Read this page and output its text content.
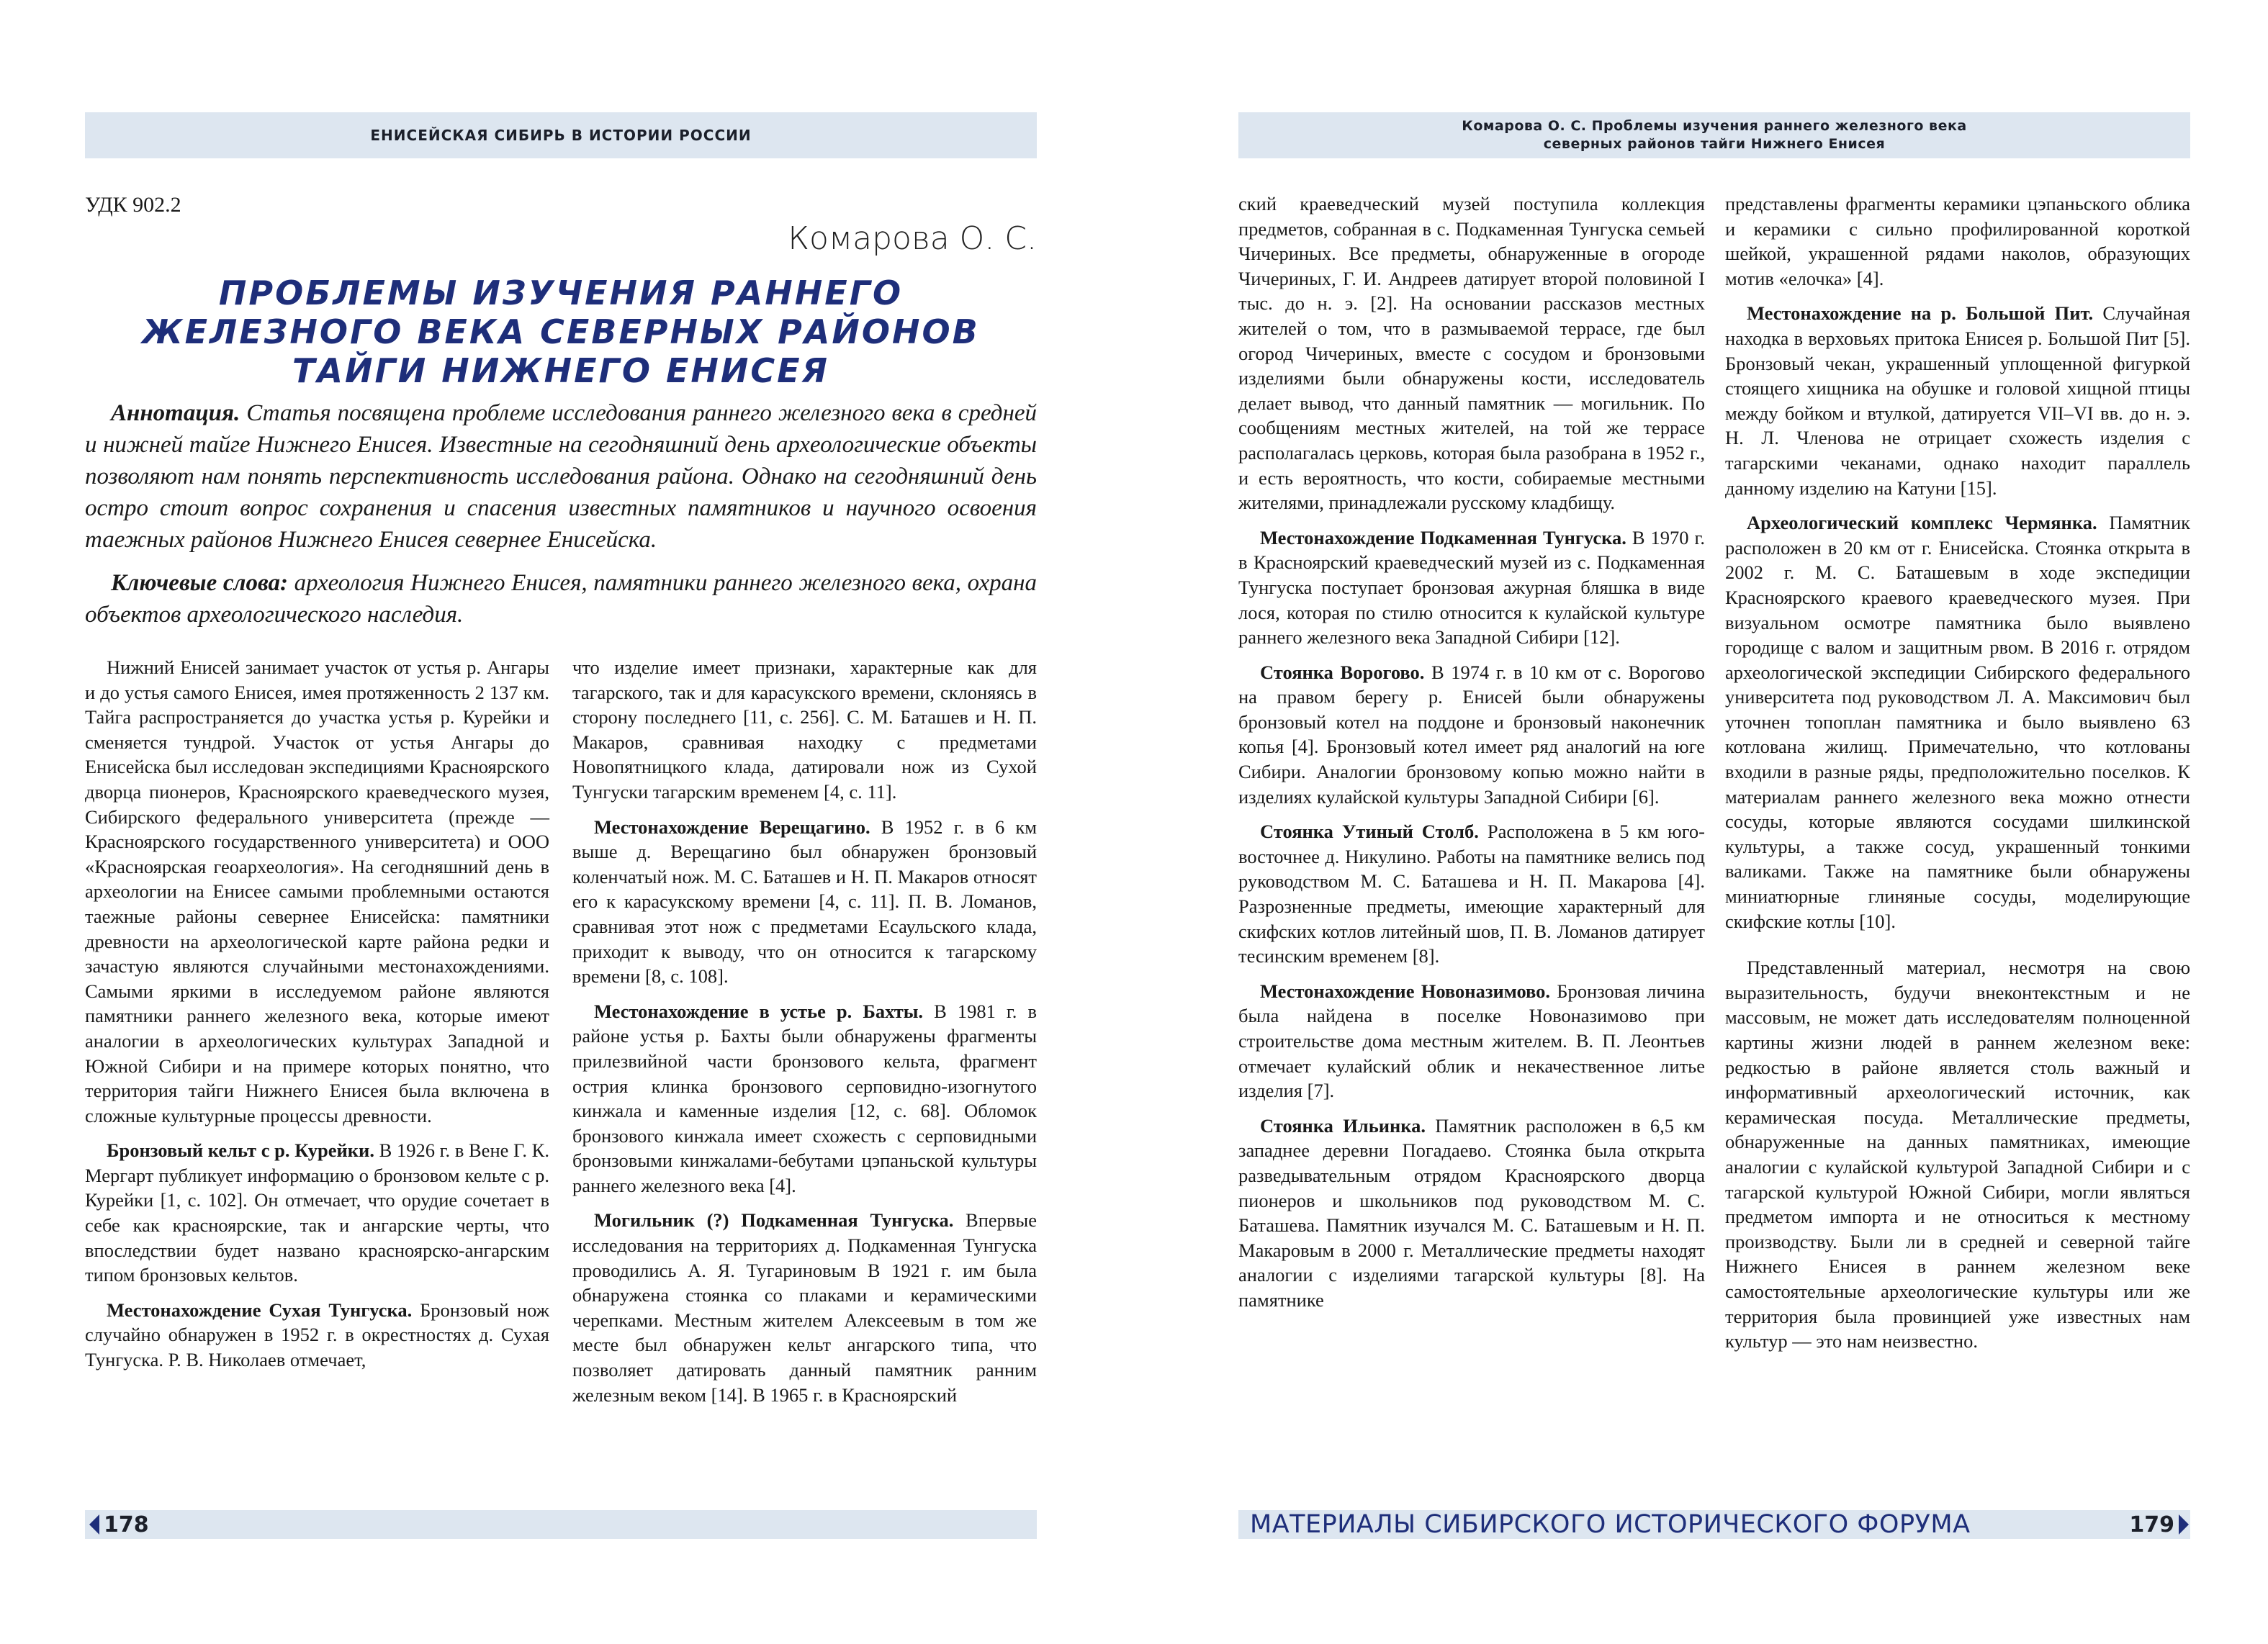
ЕНИСЕЙСКАЯ СИБИРЬ В ИСТОРИИ РОССИИ
Комарова О. С. Проблемы изучения раннего железного века
северных районов тайги Нижнего Енисея
УДК 902.2
Комарова О. С.
ПРОБЛЕМЫ ИЗУЧЕНИЯ РАННЕГО
ЖЕЛЕЗНОГО ВЕКА СЕВЕРНЫХ РАЙОНОВ
ТАЙГИ НИЖНЕГО ЕНИСЕЯ

Аннотация. Статья посвящена проблеме исследования раннего железного века в средней и нижней тайге Нижнего Енисея. Известные на сегодняшний день археологические объекты позволяют нам понять перспективность исследования района. Однако на сегодняшний день остро стоит вопрос сохранения и спасения известных памятников и научного освоения таежных районов Нижнего Енисея севернее Енисейска.

Ключевые слова: археология Нижнего Енисея, памятники раннего железного века, охрана объектов археологического наследия.

Нижний Енисей занимает участок от устья р. Ангары и до устья самого Енисея, имея протяженность 2 137 км. Тайга распространяется до участка устья р. Курейки и сменяется тундрой. Участок от устья Ангары до Енисейска был исследован экспедициями Красноярского дворца пионеров, Красноярского краеведческого музея, Сибирского федерального университета (прежде — Красноярского государственного университета) и ООО «Красноярская геоархеология». На сегодняшний день в археологии на Енисее самыми проблемными остаются таежные районы севернее Енисейска: памятники древности на археологической карте района редки и зачастую являются случайными местонахождениями. Самыми яркими в исследуемом районе являются памятники раннего железного века, которые имеют аналогии в археологических культурах Западной и Южной Сибири и на примере которых понятно, что территория тайги Нижнего Енисея была включена в сложные культурные процессы древности.

Бронзовый кельт с р. Курейки. В 1926 г. в Вене Г. К. Мергарт публикует информацию о бронзовом кельте с р. Курейки [1, с. 102]. Он отмечает, что орудие сочетает в себе как красноярские, так и ангарские черты, что впоследствии будет названо красноярско-ангарским типом бронзовых кельтов.

Местонахождение Сухая Тунгуска. Бронзовый нож случайно обнаружен в 1952 г. в окрестностях д. Сухая Тунгуска. Р. В. Николаев отмечает,

что изделие имеет признаки, характерные как для тагарского, так и для карасукского времени, склоняясь в сторону последнего [11, с. 256]. С. М. Баташев и Н. П. Макаров, сравнивая находку с предметами Новопятницкого клада, датировали нож из Сухой Тунгуски тагарским временем [4, с. 11].

Местонахождение Верещагино. В 1952 г. в 6 км выше д. Верещагино был обнаружен бронзовый коленчатый нож. М. С. Баташев и Н. П. Макаров относят его к карасукскому времени [4, с. 11]. П. В. Ломанов, сравнивая этот нож с предметами Есаульского клада, приходит к выводу, что он относится к тагарскому времени [8, с. 108].

Местонахождение в устье р. Бахты. В 1981 г. в районе устья р. Бахты были обнаружены фрагменты прилезвийной части бронзового кельта, фрагмент острия клинка бронзового серповидно-изогнутого кинжала и каменные изделия [12, с. 68]. Обломок бронзового кинжала имеет схожесть с серповидными бронзовыми кинжалами-бебутами цэпаньской культуры раннего железного века [4].

Могильник (?) Подкаменная Тунгуска. Впервые исследования на территориях д. Подкаменная Тунгуска проводились А. Я. Тугариновым В 1921 г. им была обнаружена стоянка со плаками и керамическими черепками. Местным жителем Алексеевым в том же месте был обнаружен кельт ангарского типа, что позволяет датировать данный памятник ранним железным веком [14]. В 1965 г. в Красноярский

ский краеведческий музей поступила коллекция предметов, собранная в с. Подкаменная Тунгуска семьей Чичериных. Все предметы, обнаруженные в огороде Чичериных, Г. И. Андреев датирует второй половиной I тыс. до н. э. [2]. На основании рассказов местных жителей о том, что в размываемой террасе, где был огород Чичериных, вместе с сосудом и бронзовыми изделиями были обнаружены кости, исследователь делает вывод, что данный памятник — могильник. По сообщениям местных жителей, на той же террасе располагалась церковь, которая была разобрана в 1952 г., и есть вероятность, что кости, собираемые местными жителями, принадлежали русскому кладбищу.

Местонахождение Подкаменная Тунгуска. В 1970 г. в Красноярский краеведческий музей из с. Подкаменная Тунгуска поступает бронзовая ажурная бляшка в виде лося, которая по стилю относится к кулайской культуре раннего железного века Западной Сибири [12].

Стоянка Ворогово. В 1974 г. в 10 км от с. Ворогово на правом берегу р. Енисей были обнаружены бронзовый котел на поддоне и бронзовый наконечник копья [4]. Бронзовый котел имеет ряд аналогий на юге Сибири. Аналогии бронзовому копью можно найти в изделиях кулайской культуры Западной Сибири [6].

Стоянка Утиный Столб. Расположена в 5 км юго-восточнее д. Никулино. Работы на памятнике велись под руководством М. С. Баташева и Н. П. Макарова [4]. Разрозненные предметы, имеющие характерный для скифских котлов литейный шов, П. В. Ломанов датирует тесинским временем [8].

Местонахождение Новоназимово. Бронзовая личина была найдена в поселке Новоназимово при строительстве дома местным жителем. В. П. Леонтьев отмечает кулайский облик и некачественное литье изделия [7].

Стоянка Ильинка. Памятник расположен в 6,5 км западнее деревни Погадаево. Стоянка была открыта разведывательным отрядом Красноярского дворца пионеров и школьников под руководством М. С. Баташева. Памятник изучался М. С. Баташевым и Н. П. Макаровым в 2000 г. Металлические предметы находят аналогии с изделиями тагарской культуры [8]. На памятнике

представлены фрагменты керамики цэпаньского облика и керамики с сильно профилированной короткой шейкой, украшенной рядами наколов, образующих мотив «елочка» [4].

Местонахождение на р. Большой Пит. Случайная находка в верховьях притока Енисея р. Большой Пит [5]. Бронзовый чекан, украшенный уплощенной фигуркой стоящего хищника на обушке и головой хищной птицы между бойком и втулкой, датируется VII–VI вв. до н. э. Н. Л. Членова не отрицает схожесть изделия с тагарскими чеканами, однако находит параллель данному изделию на Катуни [15].

Археологический комплекс Чермянка. Памятник расположен в 20 км от г. Енисейска. Стоянка открыта в 2002 г. М. С. Баташевым в ходе экспедиции Красноярского краевого краеведческого музея. При визуальном осмотре памятника было выявлено городище с валом и защитным рвом. В 2016 г. отрядом археологической экспедиции Сибирского федерального университета под руководством Л. А. Максимович был уточнен топоплан памятника и было выявлено 63 котлована жилищ. Примечательно, что котлованы входили в разные ряды, предположительно поселков. К материалам раннего железного века можно отнести сосуды, которые являются сосудами шилкинской культуры, а также сосуд, украшенный тонкими валиками. Также на памятнике были обнаружены миниатюрные глиняные сосуды, моделирующие скифские котлы [10].

Представленный материал, несмотря на свою выразительность, будучи внеконтекстным и не массовым, не может дать исследователям полноценной картины жизни людей в раннем железном веке: редкостью в районе является столь важный и информативный археологический источник, как керамическая посуда. Металлические предметы, обнаруженные на данных памятниках, имеющие аналогии с кулайской культурой Западной Сибири и с тагарской культурой Южной Сибири, могли являться предметом импорта и не относиться к местному производству. Были ли в средней и северной тайге Нижнего Енисея в раннем железном веке самостоятельные археологические культуры или же территория была провинцией уже известных нам культур — это нам неизвестно.

178	МАТЕРИАЛЫ СИБИРСКОГО ИСТОРИЧЕСКОГО ФОРУМА	179
